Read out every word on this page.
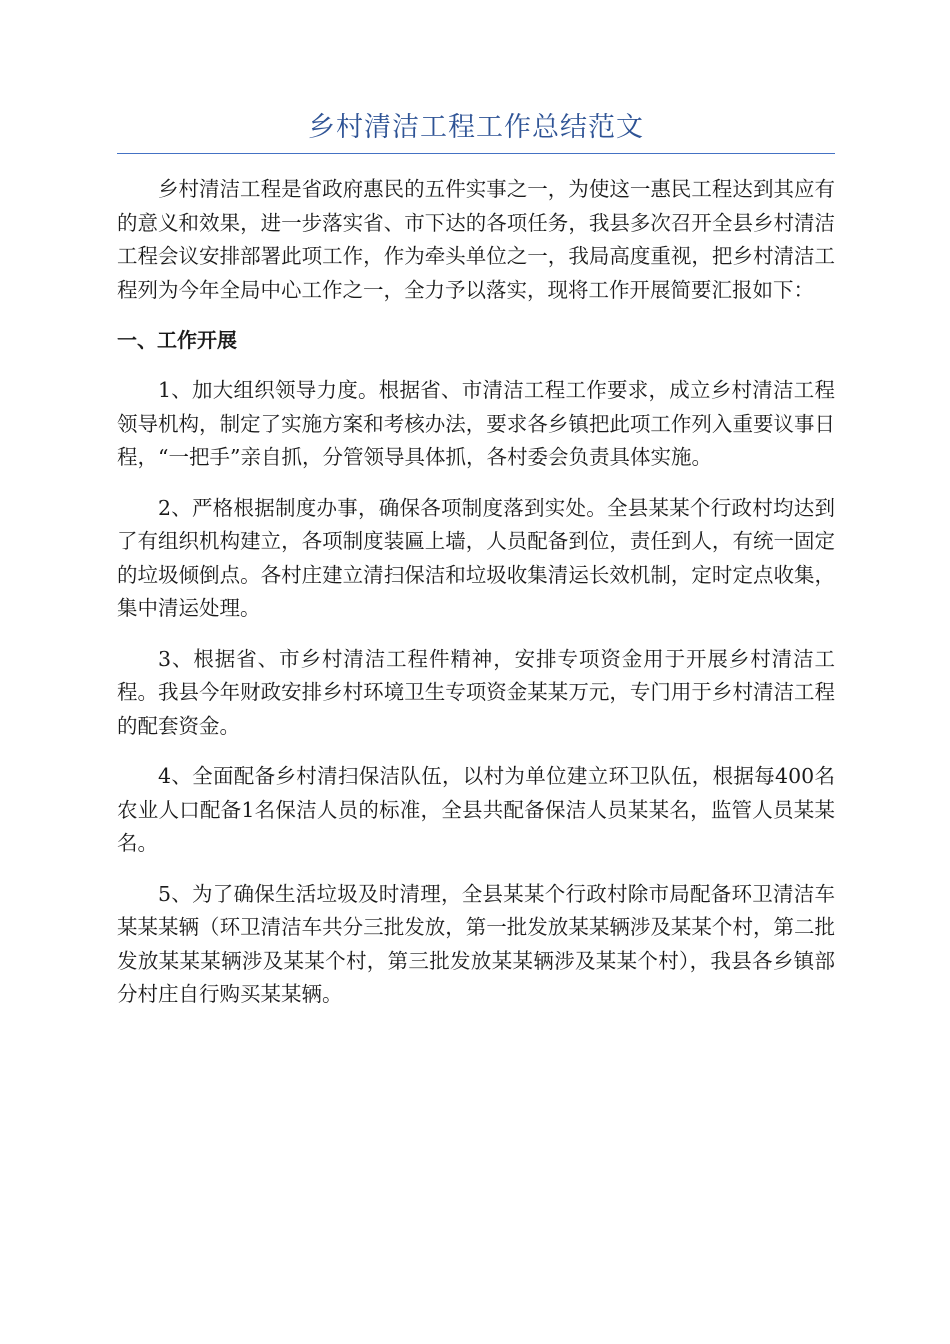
乡村清洁工程工作总结范文

乡村清洁工程是省政府惠民的五件实事之一，为使这一惠民工程达到其应有的意义和效果，进一步落实省、市下达的各项任务，我县多次召开全县乡村清洁工程会议安排部署此项工作，作为牵头单位之一，我局高度重视，把乡村清洁工程列为今年全局中心工作之一，全力予以落实，现将工作开展简要汇报如下：

一、工作开展

1、加大组织领导力度。根据省、市清洁工程工作要求，成立乡村清洁工程领导机构，制定了实施方案和考核办法，要求各乡镇把此项工作列入重要议事日程，“一把手”亲自抓，分管领导具体抓，各村委会负责具体实施。

2、严格根据制度办事，确保各项制度落到实处。全县某某个行政村均达到了有组织机构建立，各项制度装匾上墙，人员配备到位，责任到人，有统一固定的垃圾倾倒点。各村庄建立清扫保洁和垃圾收集清运长效机制，定时定点收集，集中清运处理。

3、根据省、市乡村清洁工程件精神，安排专项资金用于开展乡村清洁工程。我县今年财政安排乡村环境卫生专项资金某某万元，专门用于乡村清洁工程的配套资金。

4、全面配备乡村清扫保洁队伍，以村为单位建立环卫队伍，根据每400名农业人口配备1名保洁人员的标准，全县共配备保洁人员某某名，监管人员某某名。

5、为了确保生活垃圾及时清理，全县某某个行政村除市局配备环卫清洁车某某某辆（环卫清洁车共分三批发放，第一批发放某某辆涉及某某个村，第二批发放某某某辆涉及某某个村，第三批发放某某辆涉及某某个村），我县各乡镇部分村庄自行购买某某辆。
